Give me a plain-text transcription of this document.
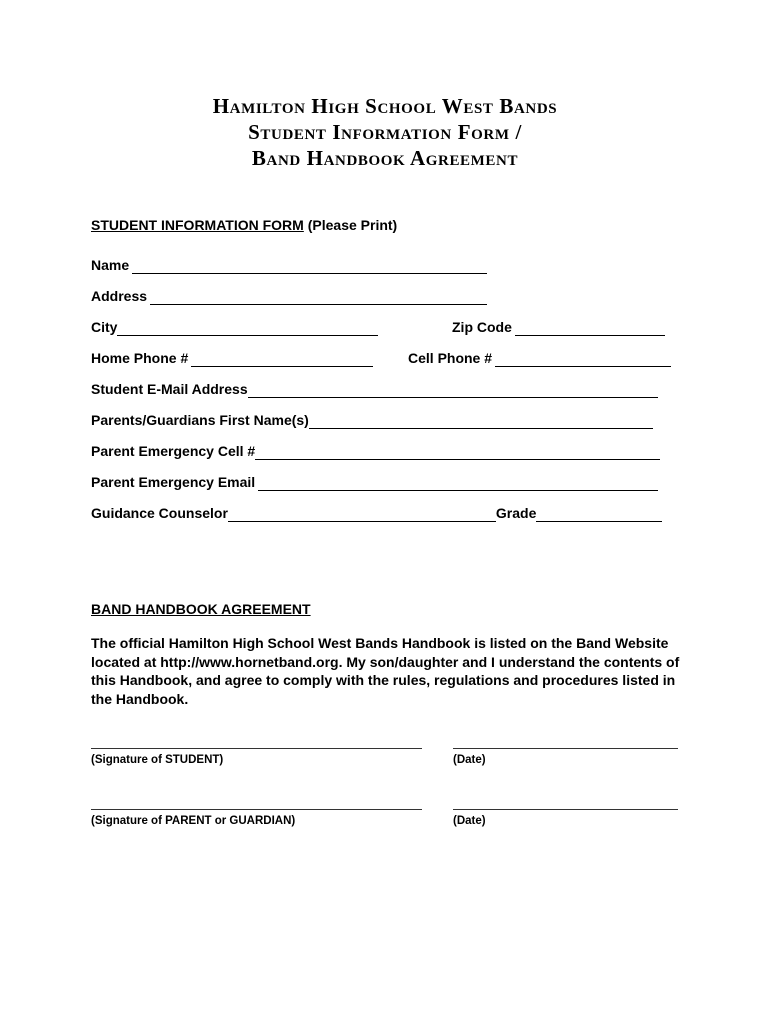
Hamilton High School West Bands
Student Information Form /
Band Handbook Agreement
STUDENT INFORMATION FORM (Please Print)
Name
Address
City	Zip Code
Home Phone #	Cell Phone #
Student E-Mail Address
Parents/Guardians First Name(s)
Parent Emergency Cell #
Parent Emergency Email
Guidance Counselor	Grade
BAND HANDBOOK AGREEMENT

The official Hamilton High School West Bands Handbook is listed on the Band Website located at http://www.hornetband.org. My son/daughter and I understand the contents of this Handbook, and agree to comply with the rules, regulations and procedures listed in the Handbook.

(Signature of STUDENT)	(Date)
(Signature of PARENT or GUARDIAN)	(Date)
